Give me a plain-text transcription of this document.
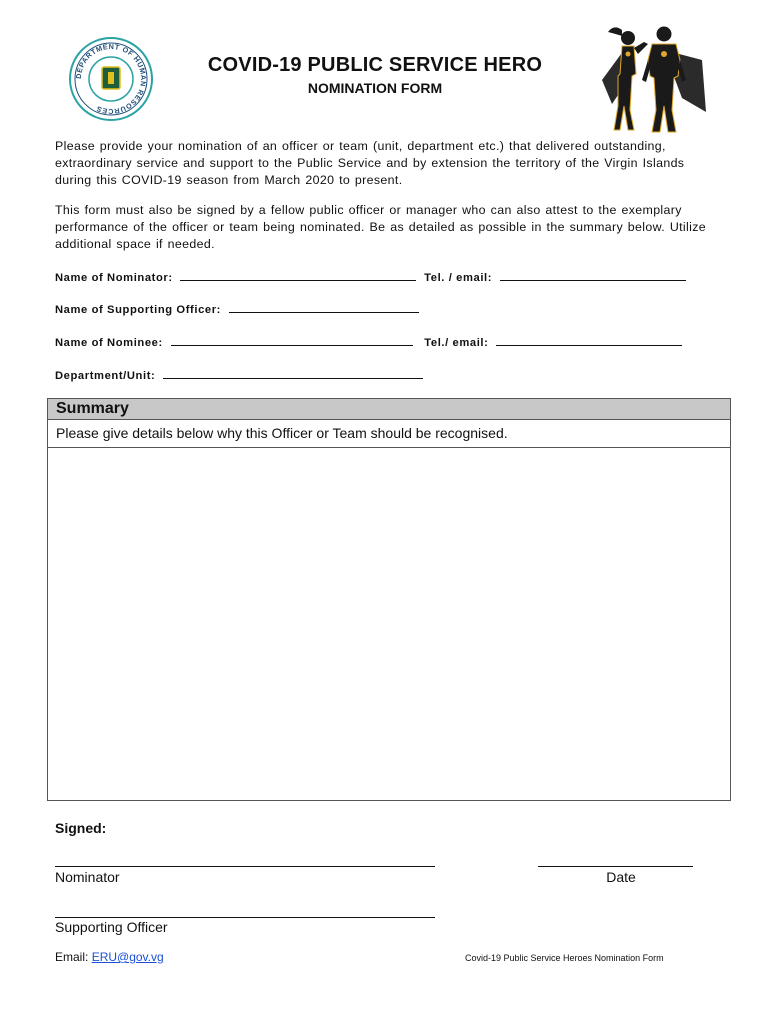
DEPARTMENT OF HUMAN RESOURCES
COVID-19 PUBLIC SERVICE HERO
NOMINATION FORM
Please provide your nomination of an officer or team (unit, department etc.) that delivered outstanding, extraordinary service and support to the Public Service and by extension the territory of the Virgin Islands during this COVID-19 season from March 2020 to present.
This form must also be signed by a fellow public officer or manager who can also attest to the exemplary performance of the officer or team being nominated. Be as detailed as possible in the summary below. Utilize additional space if needed.
Name of Nominator:	Tel. / email:
Name of Supporting Officer:
Name of Nominee:	Tel./ email:
Department/Unit:
Summary
Please give details below why this Officer or Team should be recognised.
Signed:
Nominator	Date
Supporting Officer
Email: ERU@gov.vg	Covid-19 Public Service Heroes Nomination Form
